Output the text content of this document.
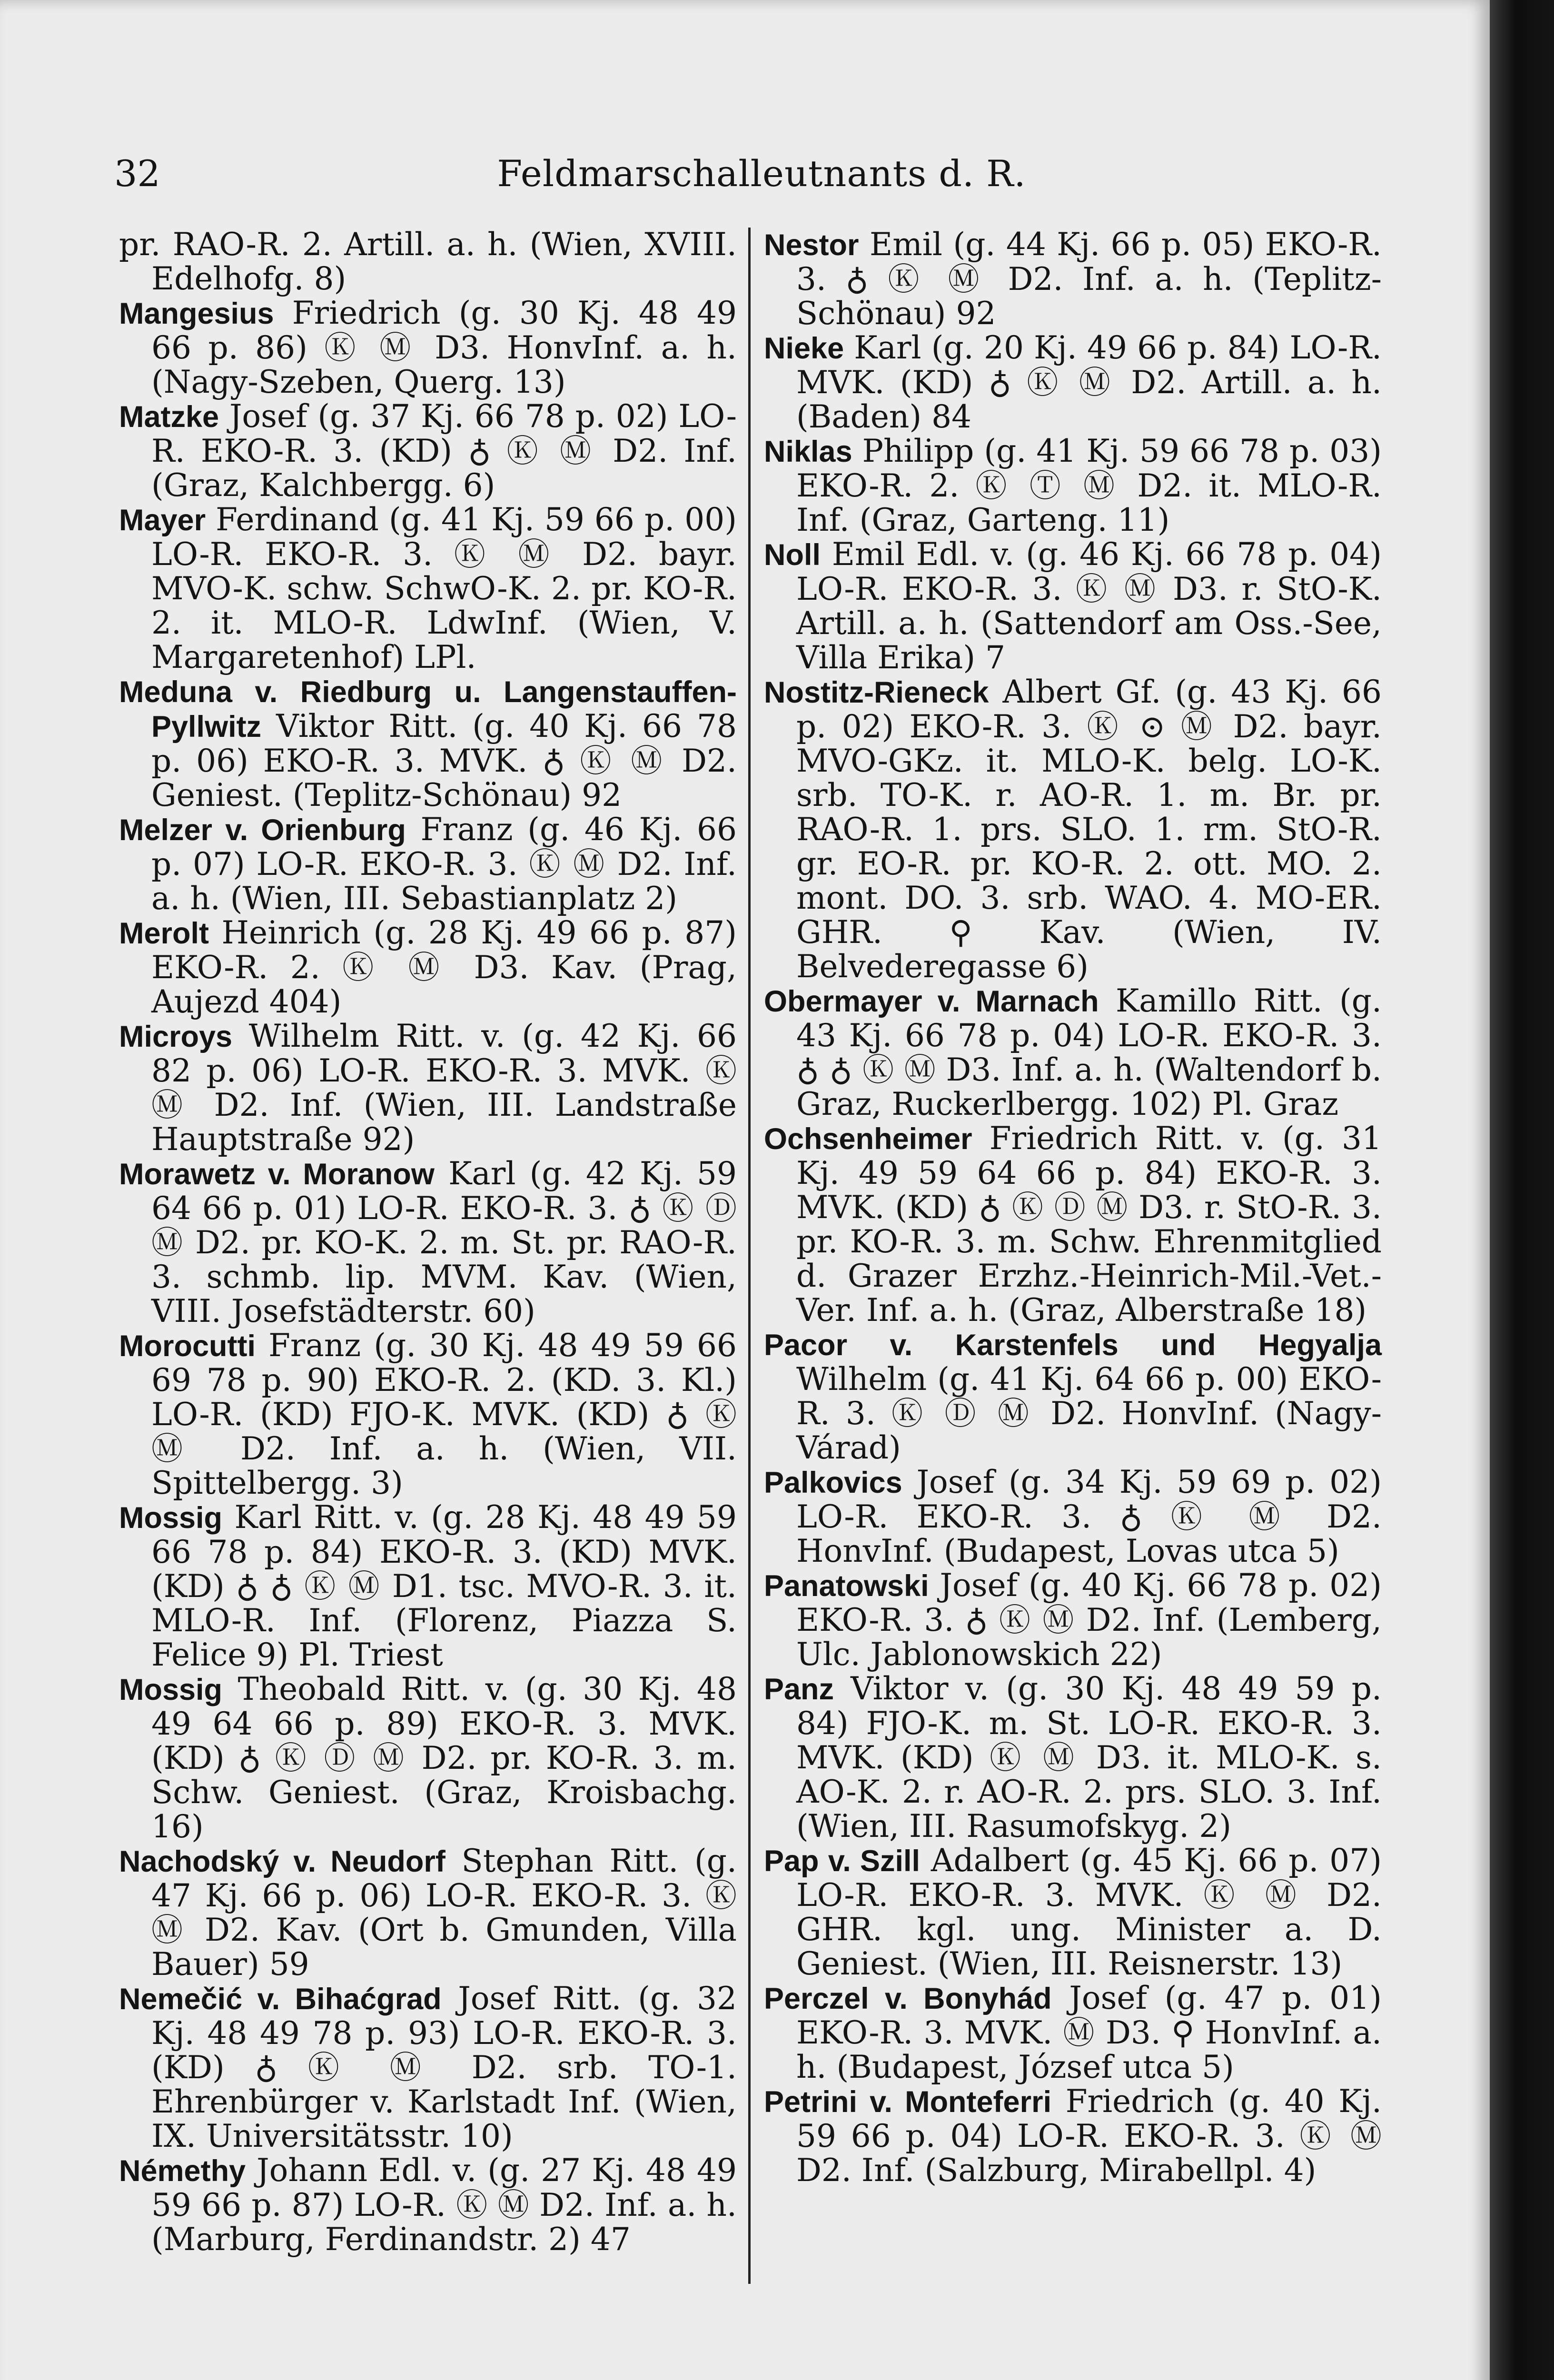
32	Feldmarschalleutnants d. R.

pr. RAO-R. 2. Artill. a. h. (Wien, XVIII. Edelhofg. 8)

Mangesius Friedrich (g. 30 Kj. 48 49 66 p. 86) Ⓚ Ⓜ D3. HonvInf. a. h. (Nagy-Szeben, Querg. 13)

Matzke Josef (g. 37 Kj. 66 78 p. 02) LO-R. EKO-R. 3. (KD) ♁ Ⓚ Ⓜ D2. Inf. (Graz, Kalchbergg. 6)

Mayer Ferdinand (g. 41 Kj. 59 66 p. 00) LO-R. EKO-R. 3. Ⓚ Ⓜ D2. bayr. MVO-K. schw. SchwO-K. 2. pr. KO-R. 2. it. MLO-R. LdwInf. (Wien, V. Margaretenhof) LPl.

Meduna v. Riedburg u. Langenstauffen-Pyllwitz Viktor Ritt. (g. 40 Kj. 66 78 p. 06) EKO-R. 3. MVK. ♁ Ⓚ Ⓜ D2. Geniest. (Teplitz-Schönau) 92

Melzer v. Orienburg Franz (g. 46 Kj. 66 p. 07) LO-R. EKO-R. 3. Ⓚ Ⓜ D2. Inf. a. h. (Wien, III. Sebastianplatz 2)

Merolt Heinrich (g. 28 Kj. 49 66 p. 87) EKO-R. 2. Ⓚ Ⓜ D3. Kav. (Prag, Aujezd 404)

Microys Wilhelm Ritt. v. (g. 42 Kj. 66 82 p. 06) LO-R. EKO-R. 3. MVK. Ⓚ Ⓜ D2. Inf. (Wien, III. Landstraße Hauptstraße 92)

Morawetz v. Moranow Karl (g. 42 Kj. 59 64 66 p. 01) LO-R. EKO-R. 3. ♁ Ⓚ Ⓓ Ⓜ D2. pr. KO-K. 2. m. St. pr. RAO-R. 3. schmb. lip. MVM. Kav. (Wien, VIII. Josefstädterstr. 60)

Morocutti Franz (g. 30 Kj. 48 49 59 66 69 78 p. 90) EKO-R. 2. (KD. 3. Kl.) LO-R. (KD) FJO-K. MVK. (KD) ♁ Ⓚ Ⓜ D2. Inf. a. h. (Wien, VII. Spittelbergg. 3)

Mossig Karl Ritt. v. (g. 28 Kj. 48 49 59 66 78 p. 84) EKO-R. 3. (KD) MVK. (KD) ♁ ♁ Ⓚ Ⓜ D1. tsc. MVO-R. 3. it. MLO-R. Inf. (Florenz, Piazza S. Felice 9) Pl. Triest

Mossig Theobald Ritt. v. (g. 30 Kj. 48 49 64 66 p. 89) EKO-R. 3. MVK. (KD) ♁ Ⓚ Ⓓ Ⓜ D2. pr. KO-R. 3. m. Schw. Geniest. (Graz, Kroisbachg. 16)

Nachodský v. Neudorf Stephan Ritt. (g. 47 Kj. 66 p. 06) LO-R. EKO-R. 3. Ⓚ Ⓜ D2. Kav. (Ort b. Gmunden, Villa Bauer) 59

Nemečić v. Bihaćgrad Josef Ritt. (g. 32 Kj. 48 49 78 p. 93) LO-R. EKO-R. 3. (KD) ♁ Ⓚ Ⓜ D2. srb. TO-1. Ehrenbürger v. Karlstadt Inf. (Wien, IX. Universitätsstr. 10)

Némethy Johann Edl. v. (g. 27 Kj. 48 49 59 66 p. 87) LO-R. Ⓚ Ⓜ D2. Inf. a. h. (Marburg, Ferdinandstr. 2) 47

Nestor Emil (g. 44 Kj. 66 p. 05) EKO-R. 3. ♁ Ⓚ Ⓜ D2. Inf. a. h. (Teplitz-Schönau) 92

Nieke Karl (g. 20 Kj. 49 66 p. 84) LO-R. MVK. (KD) ♁ Ⓚ Ⓜ D2. Artill. a. h. (Baden) 84

Niklas Philipp (g. 41 Kj. 59 66 78 p. 03) EKO-R. 2. Ⓚ Ⓣ Ⓜ D2. it. MLO-R. Inf. (Graz, Garteng. 11)

Noll Emil Edl. v. (g. 46 Kj. 66 78 p. 04) LO-R. EKO-R. 3. Ⓚ Ⓜ D3. r. StO-K. Artill. a. h. (Sattendorf am Oss.-See, Villa Erika) 7

Nostitz-Rieneck Albert Gf. (g. 43 Kj. 66 p. 02) EKO-R. 3. Ⓚ ⊙ Ⓜ D2. bayr. MVO-GKz. it. MLO-K. belg. LO-K. srb. TO-K. r. AO-R. 1. m. Br. pr. RAO-R. 1. prs. SLO. 1. rm. StO-R. gr. EO-R. pr. KO-R. 2. ott. MO. 2. mont. DO. 3. srb. WAO. 4. MO-ER. GHR. ⚲ Kav. (Wien, IV. Belvederegasse 6)

Obermayer v. Marnach Kamillo Ritt. (g. 43 Kj. 66 78 p. 04) LO-R. EKO-R. 3. ♁ ♁ Ⓚ Ⓜ D3. Inf. a. h. (Waltendorf b. Graz, Ruckerlbergg. 102) Pl. Graz

Ochsenheimer Friedrich Ritt. v. (g. 31 Kj. 49 59 64 66 p. 84) EKO-R. 3. MVK. (KD) ♁ Ⓚ Ⓓ Ⓜ D3. r. StO-R. 3. pr. KO-R. 3. m. Schw. Ehrenmitglied d. Grazer Erzhz.-Heinrich-Mil.-Vet.-Ver. Inf. a. h. (Graz, Alberstraße 18)

Pacor v. Karstenfels und Hegyalja Wilhelm (g. 41 Kj. 64 66 p. 00) EKO-R. 3. Ⓚ Ⓓ Ⓜ D2. HonvInf. (Nagy-Várad)

Palkovics Josef (g. 34 Kj. 59 69 p. 02) LO-R. EKO-R. 3. ♁ Ⓚ Ⓜ D2. HonvInf. (Budapest, Lovas utca 5)

Panatowski Josef (g. 40 Kj. 66 78 p. 02) EKO-R. 3. ♁ Ⓚ Ⓜ D2. Inf. (Lemberg, Ulc. Jablonowskich 22)

Panz Viktor v. (g. 30 Kj. 48 49 59 p. 84) FJO-K. m. St. LO-R. EKO-R. 3. MVK. (KD) Ⓚ Ⓜ D3. it. MLO-K. s. AO-K. 2. r. AO-R. 2. prs. SLO. 3. Inf. (Wien, III. Rasumofskyg. 2)

Pap v. Szill Adalbert (g. 45 Kj. 66 p. 07) LO-R. EKO-R. 3. MVK. Ⓚ Ⓜ D2. GHR. kgl. ung. Minister a. D. Geniest. (Wien, III. Reisnerstr. 13)

Perczel v. Bonyhád Josef (g. 47 p. 01) EKO-R. 3. MVK. Ⓜ D3. ⚲ HonvInf. a. h. (Budapest, József utca 5)

Petrini v. Monteferri Friedrich (g. 40 Kj. 59 66 p. 04) LO-R. EKO-R. 3. Ⓚ Ⓜ D2. Inf. (Salzburg, Mirabellpl. 4)
